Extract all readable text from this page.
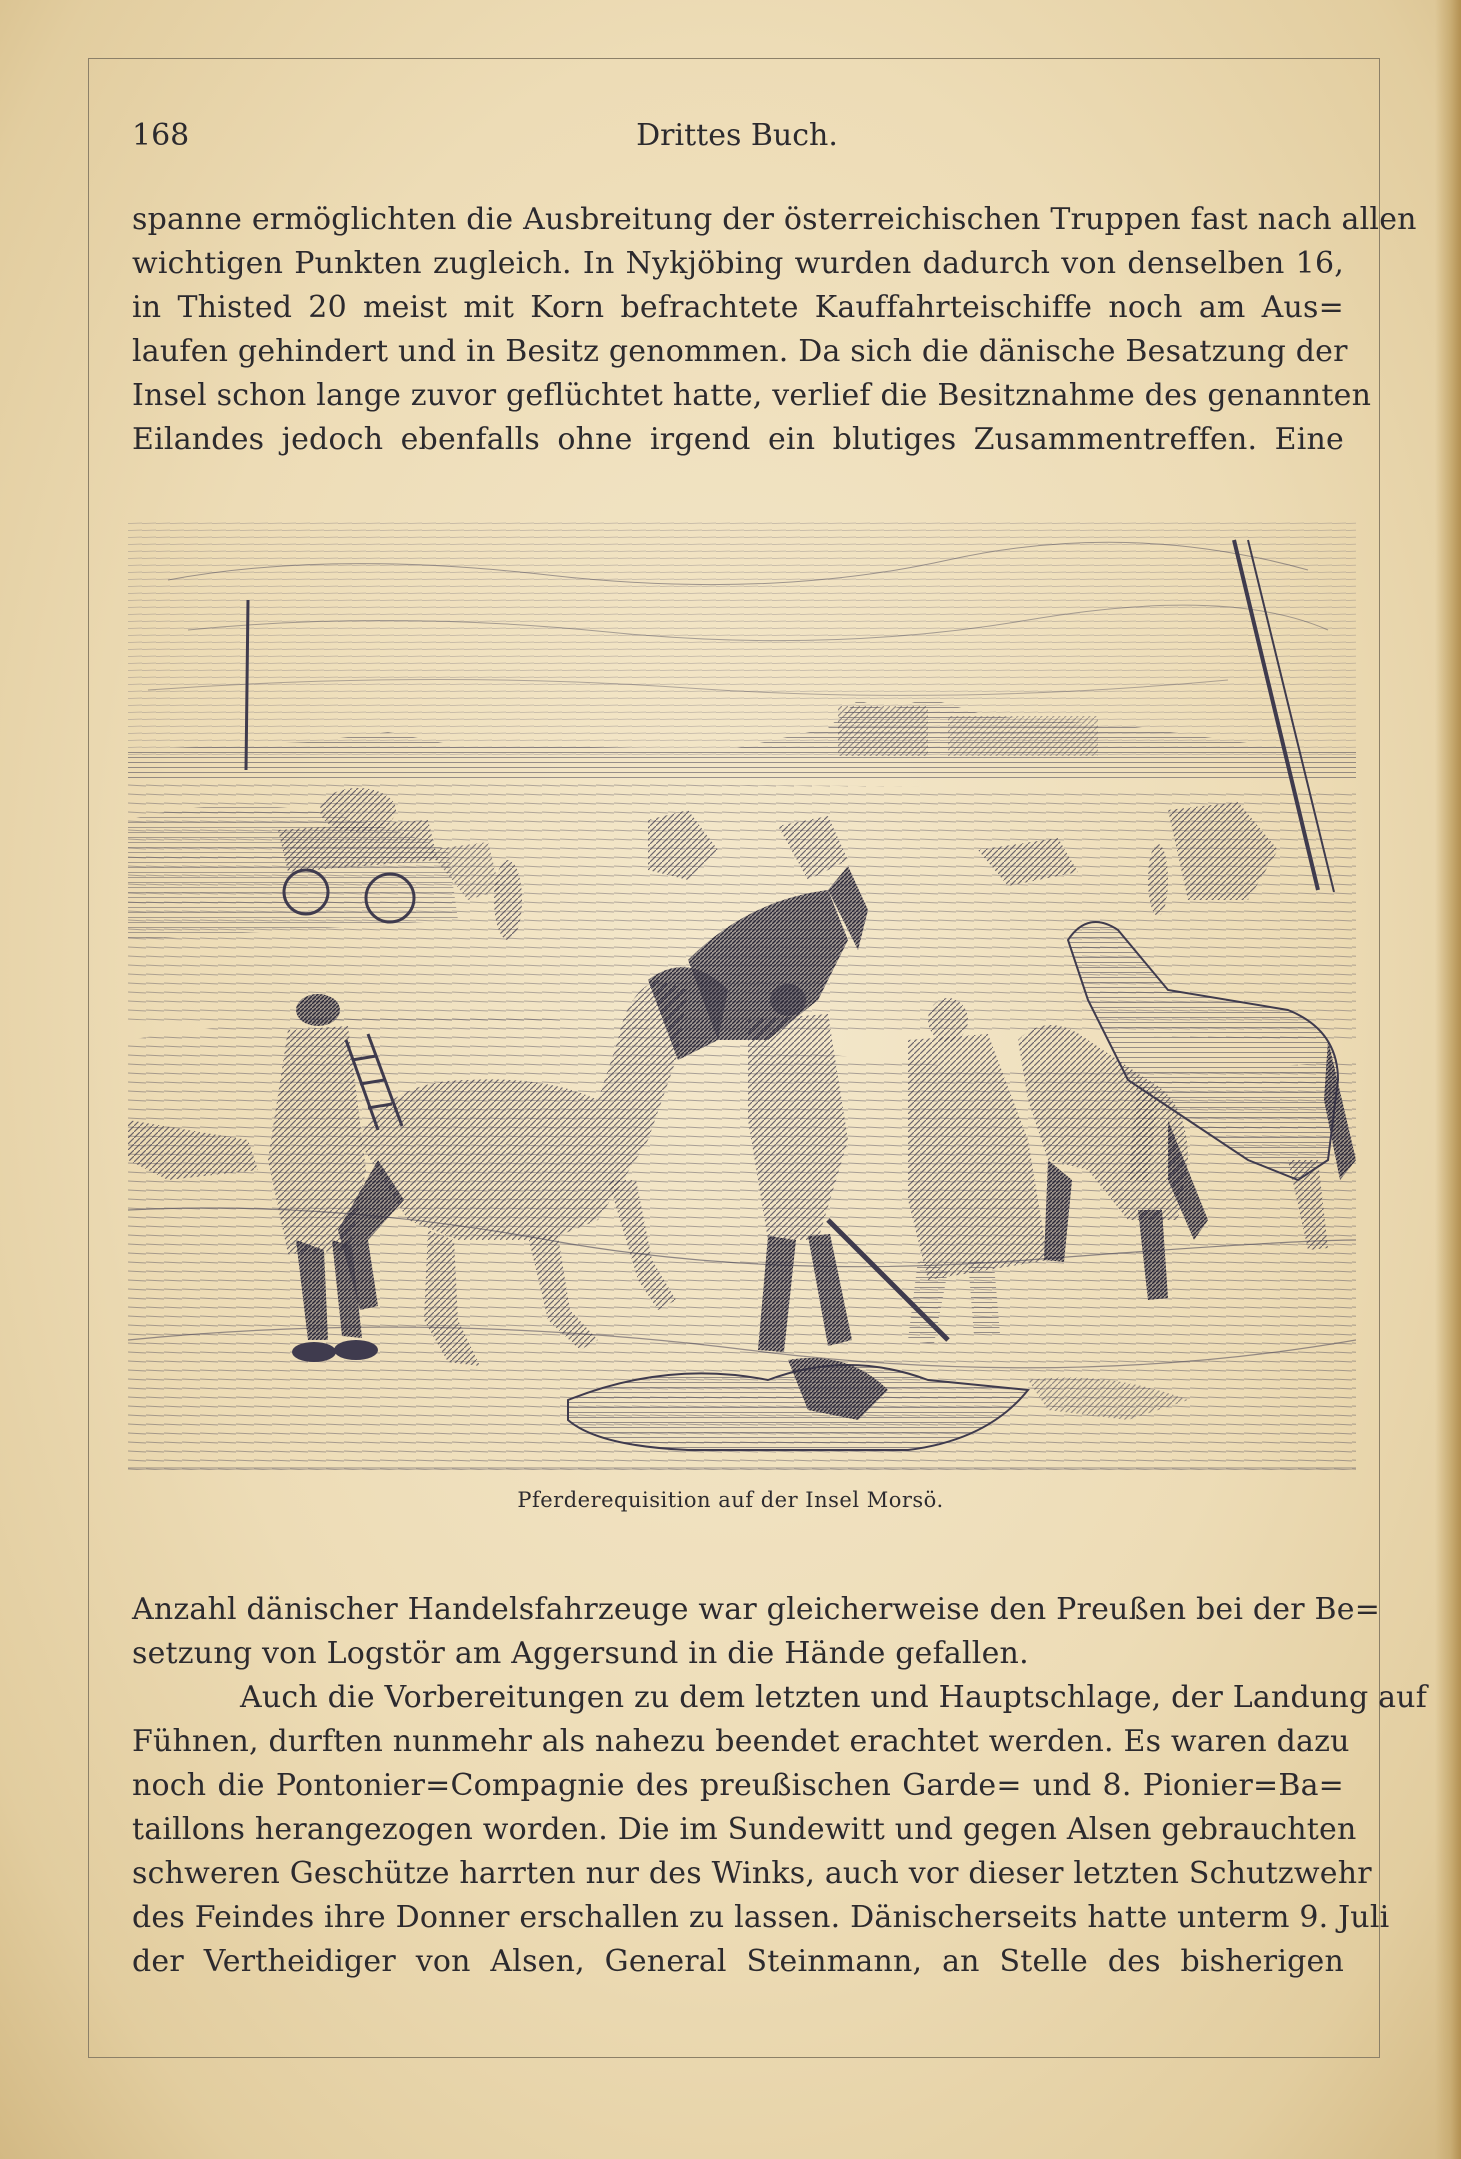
168	Drittes Buch.
spanne ermöglichten die Ausbreitung der österreichischen Truppen fast nach allen
wichtigen Punkten zugleich. In Nykjöbing wurden dadurch von denselben 16,
in Thisted 20 meist mit Korn befrachtete Kauffahrteischiffe noch am Aus=
laufen gehindert und in Besitz genommen. Da sich die dänische Besatzung der
Insel schon lange zuvor geflüchtet hatte, verlief die Besitznahme des genannten
Eilandes jedoch ebenfalls ohne irgend ein blutiges Zusammentreffen. Eine
Pferderequisition auf der Insel Morsö.
Anzahl dänischer Handelsfahrzeuge war gleicherweise den Preußen bei der Be=
setzung von Logstör am Aggersund in die Hände gefallen.
Auch die Vorbereitungen zu dem letzten und Hauptschlage, der Landung auf
Fühnen, durften nunmehr als nahezu beendet erachtet werden. Es waren dazu
noch die Pontonier=Compagnie des preußischen Garde= und 8. Pionier=Ba=
taillons herangezogen worden. Die im Sundewitt und gegen Alsen gebrauchten
schweren Geschütze harrten nur des Winks, auch vor dieser letzten Schutzwehr
des Feindes ihre Donner erschallen zu lassen. Dänischerseits hatte unterm 9. Juli
der Vertheidiger von Alsen, General Steinmann, an Stelle des bisherigen
